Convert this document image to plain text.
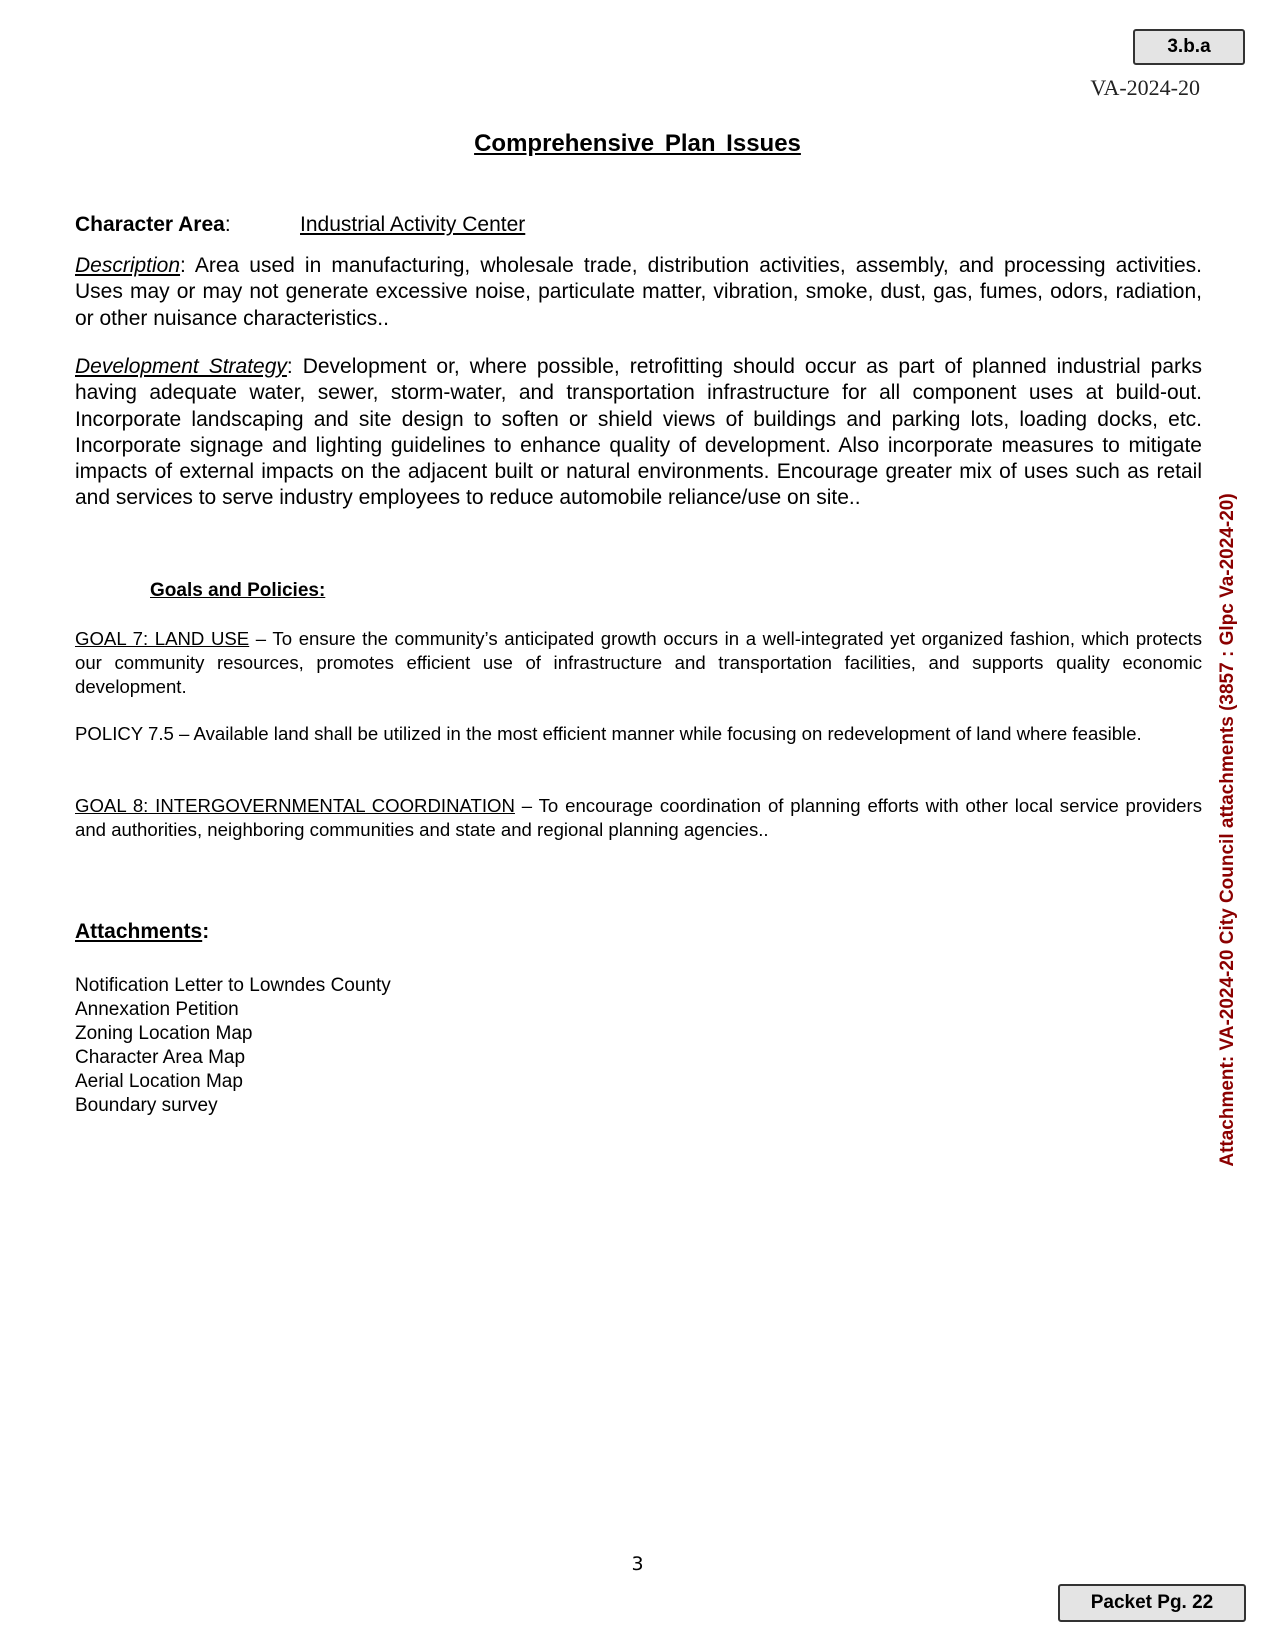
3.b.a
VA-2024-20
Comprehensive Plan Issues
Character Area:	Industrial Activity Center
Description: Area used in manufacturing, wholesale trade, distribution activities, assembly, and processing activities. Uses may or may not generate excessive noise, particulate matter, vibration, smoke, dust, gas, fumes, odors, radiation, or other nuisance characteristics..
Development Strategy: Development or, where possible, retrofitting should occur as part of planned industrial parks having adequate water, sewer, storm-water, and transportation infrastructure for all component uses at build-out. Incorporate landscaping and site design to soften or shield views of buildings and parking lots, loading docks, etc. Incorporate signage and lighting guidelines to enhance quality of development. Also incorporate measures to mitigate impacts of external impacts on the adjacent built or natural environments. Encourage greater mix of uses such as retail and services to serve industry employees to reduce automobile reliance/use on site..
Goals and Policies:
GOAL 7: LAND USE – To ensure the community’s anticipated growth occurs in a well-integrated yet organized fashion, which protects our community resources, promotes efficient use of infrastructure and transportation facilities, and supports quality economic development.
POLICY 7.5 – Available land shall be utilized in the most efficient manner while focusing on redevelopment of land where feasible.
GOAL 8: INTERGOVERNMENTAL COORDINATION – To encourage coordination of planning efforts with other local service providers and authorities, neighboring communities and state and regional planning agencies..
Attachments:
Notification Letter to Lowndes County
Annexation Petition
Zoning Location Map
Character Area Map
Aerial Location Map
Boundary survey	Attachment: VA-2024-20 City Council attachments (3857 : Glpc Va-2024-20)
3
Packet Pg. 22
